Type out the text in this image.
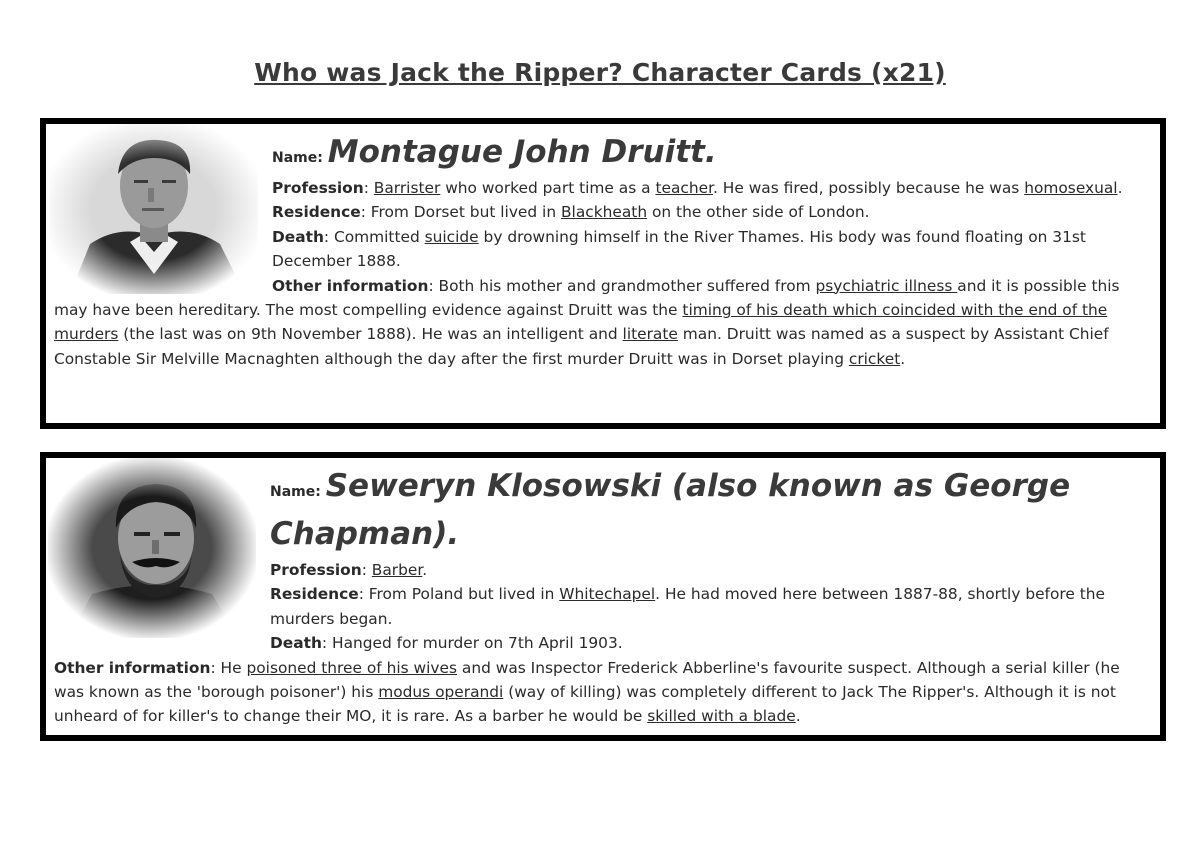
Who was Jack the Ripper? Character Cards (x21)

Name: Montague John Druitt.

Profession: Barrister who worked part time as a teacher. He was fired, possibly because he was homosexual.

Residence: From Dorset but lived in Blackheath on the other side of London.

Death: Committed suicide by drowning himself in the River Thames. His body was found floating on 31st December 1888.

Other information: Both his mother and grandmother suffered from psychiatric illness and it is possible this may have been hereditary. The most compelling evidence against Druitt was the timing of his death which coincided with the end of the murders (the last was on 9th November 1888). He was an intelligent and literate man. Druitt was named as a suspect by Assistant Chief Constable Sir Melville Macnaghten although the day after the first murder Druitt was in Dorset playing cricket.

Name: Seweryn Klosowski (also known as George Chapman).

Profession: Barber.

Residence: From Poland but lived in Whitechapel. He had moved here between 1887-88, shortly before the murders began.

Death: Hanged for murder on 7th April 1903.

Other information: He poisoned three of his wives and was Inspector Frederick Abberline's favourite suspect. Although a serial killer (he was known as the 'borough poisoner') his modus operandi (way of killing) was completely different to Jack The Ripper's. Although it is not unheard of for killer's to change their MO, it is rare. As a barber he would be skilled with a blade.
